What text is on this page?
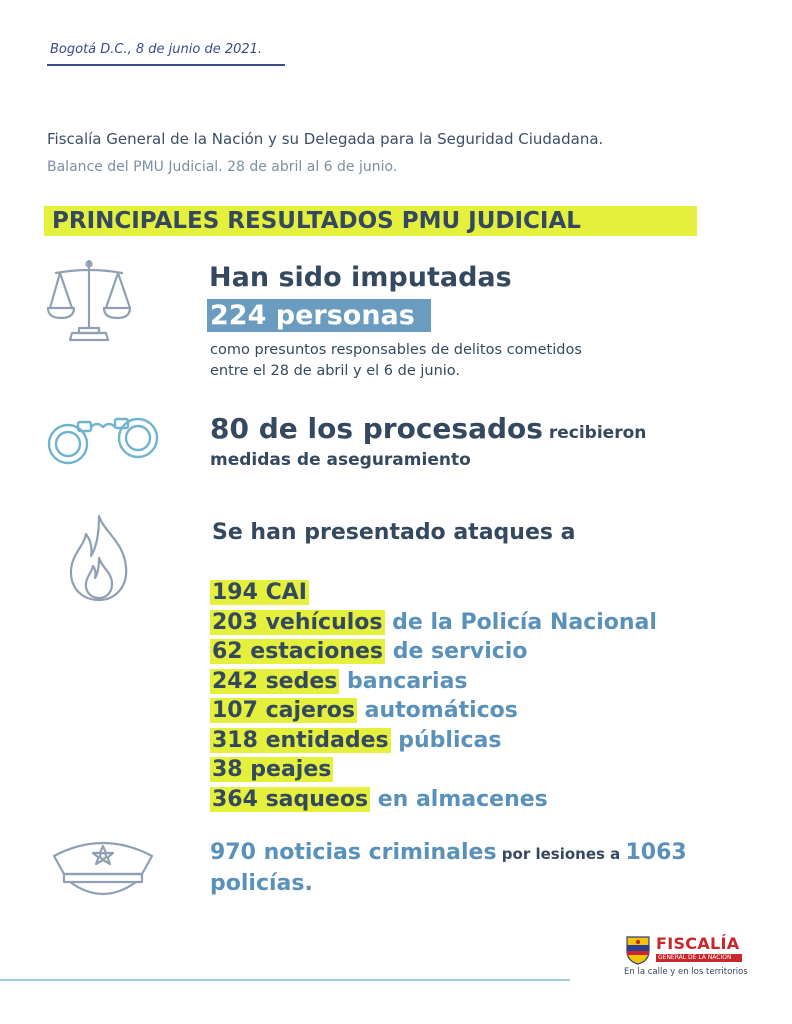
Bogotá D.C., 8 de junio de 2021.
Fiscalía General de la Nación y su Delegada para la Seguridad Ciudadana.
Balance del PMU Judicial. 28 de abril al 6 de junio.
PRINCIPALES RESULTADOS PMU JUDICIAL
Han sido imputadas
224 personas
como presuntos responsables de delitos cometidos
entre el 28 de abril y el 6 de junio.
80 de los procesados recibieron
medidas de aseguramiento
Se han presentado ataques a
194 CAI
203 vehículos de la Policía Nacional
62 estaciones de servicio
242 sedes bancarias
107 cajeros automáticos
318 entidades públicas
38 peajes
364 saqueos en almacenes
970 noticias criminales por lesiones a 1063
policías.
FISCALÍA
GENERAL DE LA NACIÓN
En la calle y en los territorios
